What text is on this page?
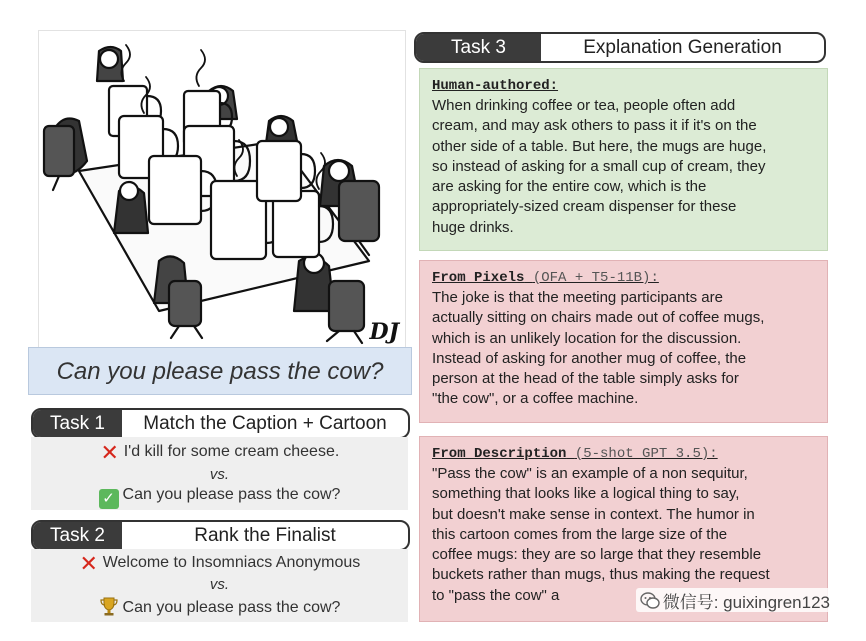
DJ
Can you please pass the cow?
Task 1	Match the Caption + Cartoon
✕ I'd kill for some cream cheese.
vs.
✓ Can you please pass the cow?
Task 2	Rank the Finalist
✕ Welcome to Insomniacs Anonymous
vs.
Can you please pass the cow?
Task 3	Explanation Generation
Human-authored:
When drinking coffee or tea, people often add
cream, and may ask others to pass it if it's on the
other side of a table. But here, the mugs are huge,
so instead of asking for a small cup of cream, they
are asking for the entire cow, which is the
appropriately-sized cream dispenser for these
huge drinks.
From Pixels (OFA + T5-11B):
The joke is that the meeting participants are
actually sitting on chairs made out of coffee mugs,
which is an unlikely location for the discussion.
Instead of asking for another mug of coffee, the
person at the head of the table simply asks for
"the cow", or a coffee machine.
From Description (5-shot GPT 3.5):
"Pass the cow" is an example of a non sequitur,
something that looks like a logical thing to say,
but doesn't make sense in context. The humor in
this cartoon comes from the large size of the
coffee mugs: they are so large that they resemble
buckets rather than mugs, thus making the request
to "pass the cow" a	微信号: guixingren123
